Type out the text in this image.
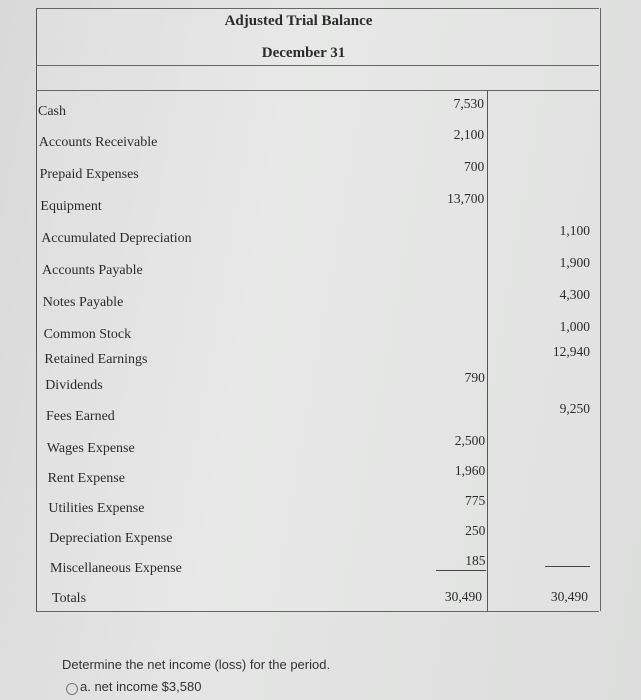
Adjusted Trial Balance
December 31
Cash
7,530
Accounts Receivable
2,100
Prepaid Expenses
700
Equipment
13,700
Accumulated Depreciation
1,100
Accounts Payable
1,900
Notes Payable
4,300
Common Stock
1,000
Retained Earnings
12,940
Dividends
790
Fees Earned
9,250
Wages Expense
2,500
Rent Expense
1,960
Utilities Expense
775
Depreciation Expense
250
Miscellaneous Expense
185
Totals	30,490	30,490
Determine the net income (loss) for the period.
a. net income $3,580
